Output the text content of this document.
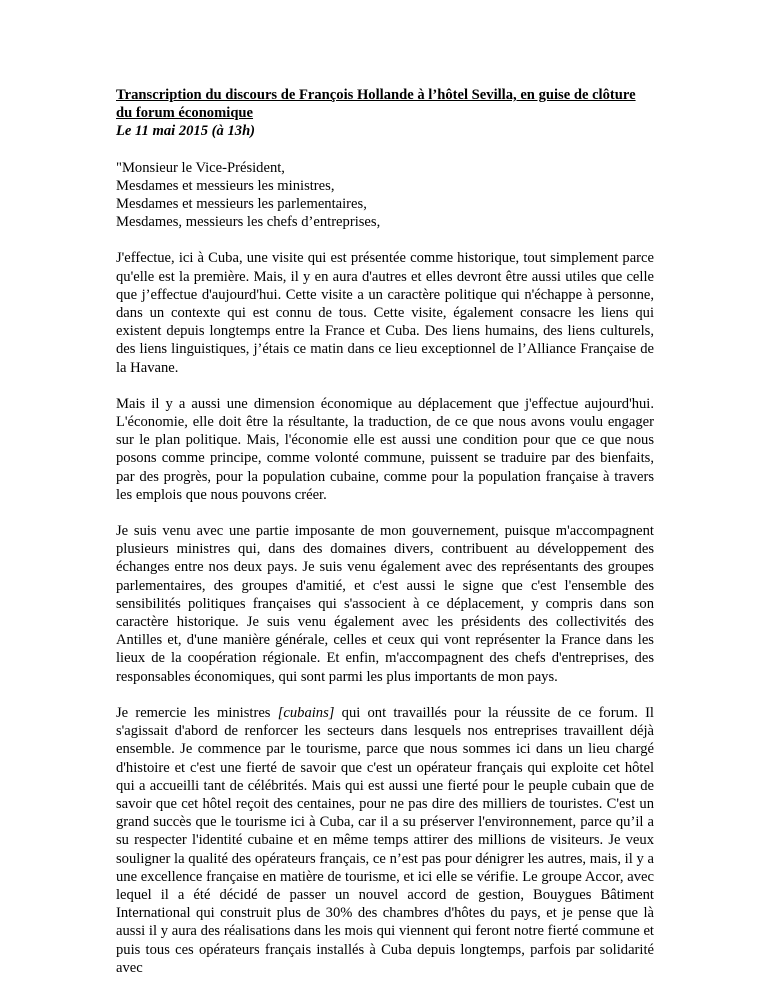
Transcription du discours de François Hollande à l’hôtel Sevilla, en guise de clôture du forum économique
Le 11 mai 2015 (à 13h)
"Monsieur le Vice-Président,
Mesdames et messieurs les ministres,
Mesdames et messieurs les parlementaires,
Mesdames, messieurs les chefs d’entreprises,

J'effectue, ici à Cuba, une visite qui est présentée comme historique, tout simplement parce qu'elle est la première. Mais, il y en aura d'autres et elles devront être aussi utiles que celle que j’effectue d'aujourd'hui. Cette visite a un caractère politique qui n'échappe à personne, dans un contexte qui est connu de tous. Cette visite, également consacre les liens qui existent depuis longtemps entre la France et Cuba. Des liens humains, des liens culturels, des liens linguistiques, j’étais ce matin dans ce lieu exceptionnel de l’Alliance Française de la Havane.

Mais il y a aussi une dimension économique au déplacement que j'effectue aujourd'hui. L'économie, elle doit être la résultante, la traduction, de ce que nous avons voulu engager sur le plan politique. Mais, l'économie elle est aussi une condition pour que ce que nous posons comme principe, comme volonté commune, puissent se traduire par des bienfaits, par des progrès, pour la population cubaine, comme pour la population française à travers les emplois que nous pouvons créer.

Je suis venu avec une partie imposante de mon gouvernement, puisque m'accompagnent plusieurs ministres qui, dans des domaines divers, contribuent au développement des échanges entre nos deux pays. Je suis venu également avec des représentants des groupes parlementaires, des groupes d'amitié, et c'est aussi le signe que c'est l'ensemble des sensibilités politiques françaises qui s'associent à ce déplacement, y compris dans son caractère historique. Je suis venu également avec les présidents des collectivités des Antilles et, d'une manière générale, celles et ceux qui vont représenter la France dans les lieux de la coopération régionale. Et enfin, m'accompagnent des chefs d'entreprises, des responsables économiques, qui sont parmi les plus importants de mon pays.

Je remercie les ministres [cubains] qui ont travaillés pour la réussite de ce forum. Il s'agissait d'abord de renforcer les secteurs dans lesquels nos entreprises travaillent déjà ensemble. Je commence par le tourisme, parce que nous sommes ici dans un lieu chargé d'histoire et c'est une fierté de savoir que c'est un opérateur français qui exploite cet hôtel qui a accueilli tant de célébrités. Mais qui est aussi une fierté pour le peuple cubain que de savoir que cet hôtel reçoit des centaines, pour ne pas dire des milliers de touristes. C'est un grand succès que le tourisme ici à Cuba, car il a su préserver l'environnement, parce qu’il a su respecter l'identité cubaine et en même temps attirer des millions de visiteurs. Je veux souligner la qualité des opérateurs français, ce n’est pas pour dénigrer les autres, mais, il y a une excellence française en matière de tourisme, et ici elle se vérifie. Le groupe Accor, avec lequel il a été décidé de passer un nouvel accord de gestion, Bouygues Bâtiment International qui construit plus de 30% des chambres d'hôtes du pays, et je pense que là aussi il y aura des réalisations dans les mois qui viennent qui feront notre fierté commune et puis tous ces opérateurs français installés à Cuba depuis longtemps, parfois par solidarité avec
